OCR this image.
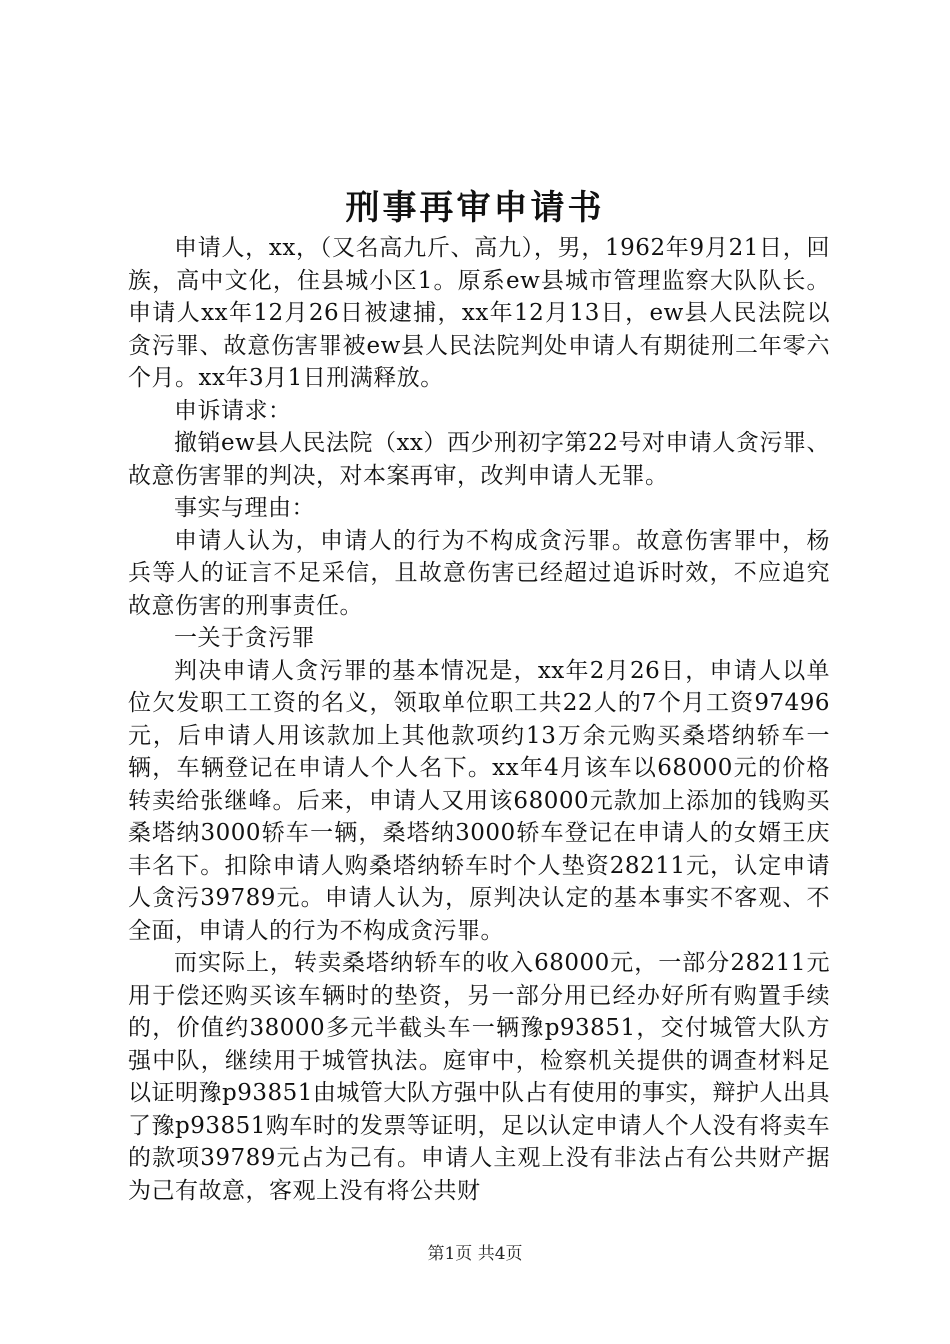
刑事再审申请书

申请人，xx，（又名高九斤、高九），男，1962年9月21日，回族，高中文化，住县城小区1。原系ew县城市管理监察大队队长。申请人xx年12月26日被逮捕，xx年12月13日，ew县人民法院以贪污罪、故意伤害罪被ew县人民法院判处申请人有期徒刑二年零六个月。xx年3月1日刑满释放。

申诉请求：

撤销ew县人民法院（xx）西少刑初字第22号对申请人贪污罪、故意伤害罪的判决，对本案再审，改判申请人无罪。

事实与理由：

申请人认为，申请人的行为不构成贪污罪。故意伤害罪中，杨兵等人的证言不足采信，且故意伤害已经超过追诉时效，不应追究故意伤害的刑事责任。

一关于贪污罪

判决申请人贪污罪的基本情况是，xx年2月26日，申请人以单位欠发职工工资的名义，领取单位职工共22人的7个月工资97496元，后申请人用该款加上其他款项约13万余元购买桑塔纳轿车一辆，车辆登记在申请人个人名下。xx年4月该车以68000元的价格转卖给张继峰。后来，申请人又用该68000元款加上添加的钱购买桑塔纳3000轿车一辆，桑塔纳3000轿车登记在申请人的女婿王庆丰名下。扣除申请人购桑塔纳轿车时个人垫资28211元，认定申请人贪污39789元。申请人认为，原判决认定的基本事实不客观、不全面，申请人的行为不构成贪污罪。

而实际上，转卖桑塔纳轿车的收入68000元，一部分28211元用于偿还购买该车辆时的垫资，另一部分用已经办好所有购置手续的，价值约38000多元半截头车一辆豫p93851，交付城管大队方强中队，继续用于城管执法。庭审中，检察机关提供的调查材料足以证明豫p93851由城管大队方强中队占有使用的事实，辩护人出具了豫p93851购车时的发票等证明，足以认定申请人个人没有将卖车的款项39789元占为己有。申请人主观上没有非法占有公共财产据为己有故意，客观上没有将公共财

第1页 共4页
